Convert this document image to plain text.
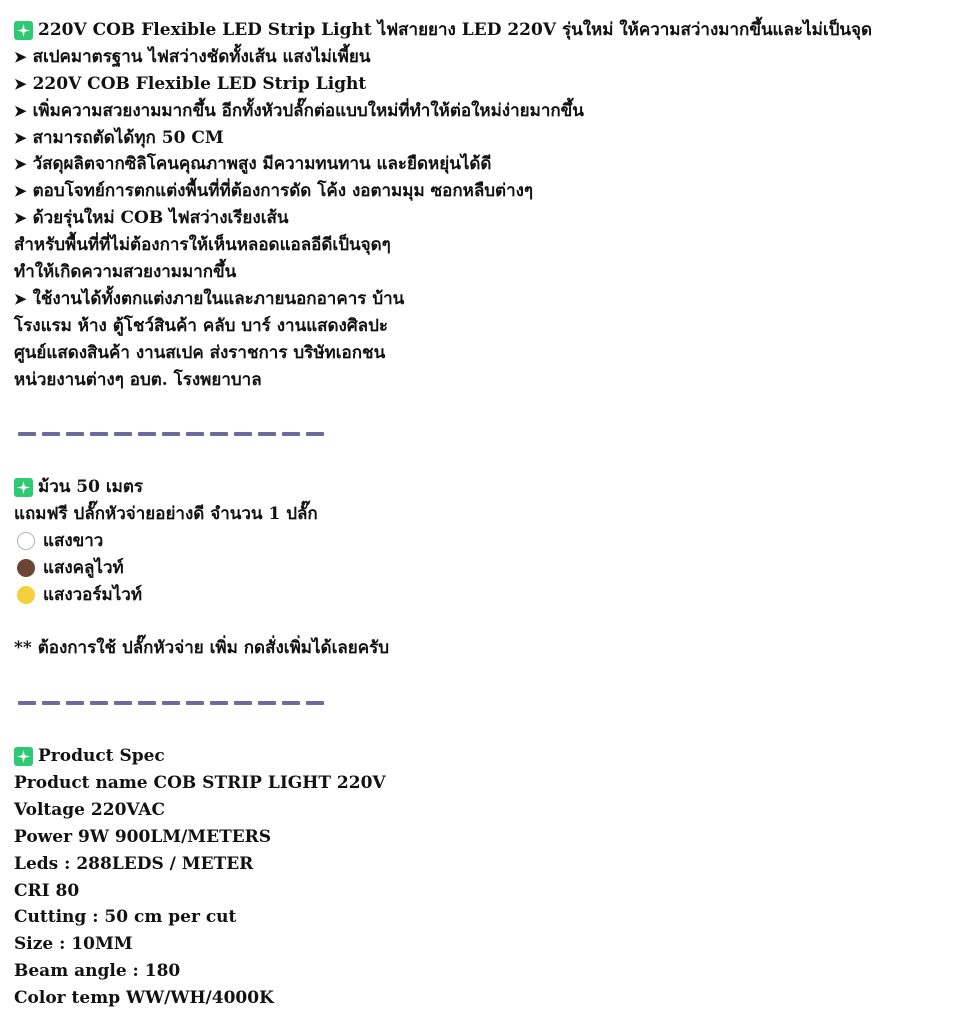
220V COB Flexible LED Strip Light ไฟสายยาง LED 220V รุ่นใหม่ ให้ความสว่างมากขึ้นและไม่เป็นจุด
➤ สเปคมาตรฐาน ไฟสว่างชัดทั้งเส้น แสงไม่เพี้ยน
➤ 220V COB Flexible LED Strip Light
➤ เพิ่มความสวยงามมากขึ้น อีกทั้งหัวปลั๊กต่อแบบใหม่ที่ทำให้ต่อใหม่ง่ายมากขึ้น
➤ สามารถตัดได้ทุก 50 CM
➤ วัสดุผลิตจากซิลิโคนคุณภาพสูง มีความทนทาน และยืดหยุ่นได้ดี
➤ ตอบโจทย์การตกแต่งพื้นที่ที่ต้องการดัด โค้ง งอตามมุม ซอกหลืบต่างๆ
➤ ด้วยรุ่นใหม่ COB ไฟสว่างเรียงเส้น
สำหรับพื้นที่ที่ไม่ต้องการให้เห็นหลอดแอลอีดีเป็นจุดๆ
ทำให้เกิดความสวยงามมากขึ้น
➤ ใช้งานได้ทั้งตกแต่งภายในและภายนอกอาคาร บ้าน
โรงแรม ห้าง ตู้โชว์สินค้า คลับ บาร์ งานแสดงศิลปะ
ศูนย์แสดงสินค้า งานสเปค ส่งราชการ บริษัทเอกชน
หน่วยงานต่างๆ อบต. โรงพยาบาล
ม้วน 50 เมตร
แถมฟรี ปลั๊กหัวจ่ายอย่างดี จำนวน 1 ปลั๊ก
แสงขาว
แสงคลูไวท์
แสงวอร์มไวท์
** ต้องการใช้ ปลั๊กหัวจ่าย เพิ่ม กดสั่งเพิ่มได้เลยครับ
Product Spec
Product name COB STRIP LIGHT 220V
Voltage 220VAC
Power 9W 900LM/METERS
Leds : 288LEDS / METER
CRI 80
Cutting : 50 cm per cut
Size : 10MM
Beam angle : 180
Color temp WW/WH/4000K
